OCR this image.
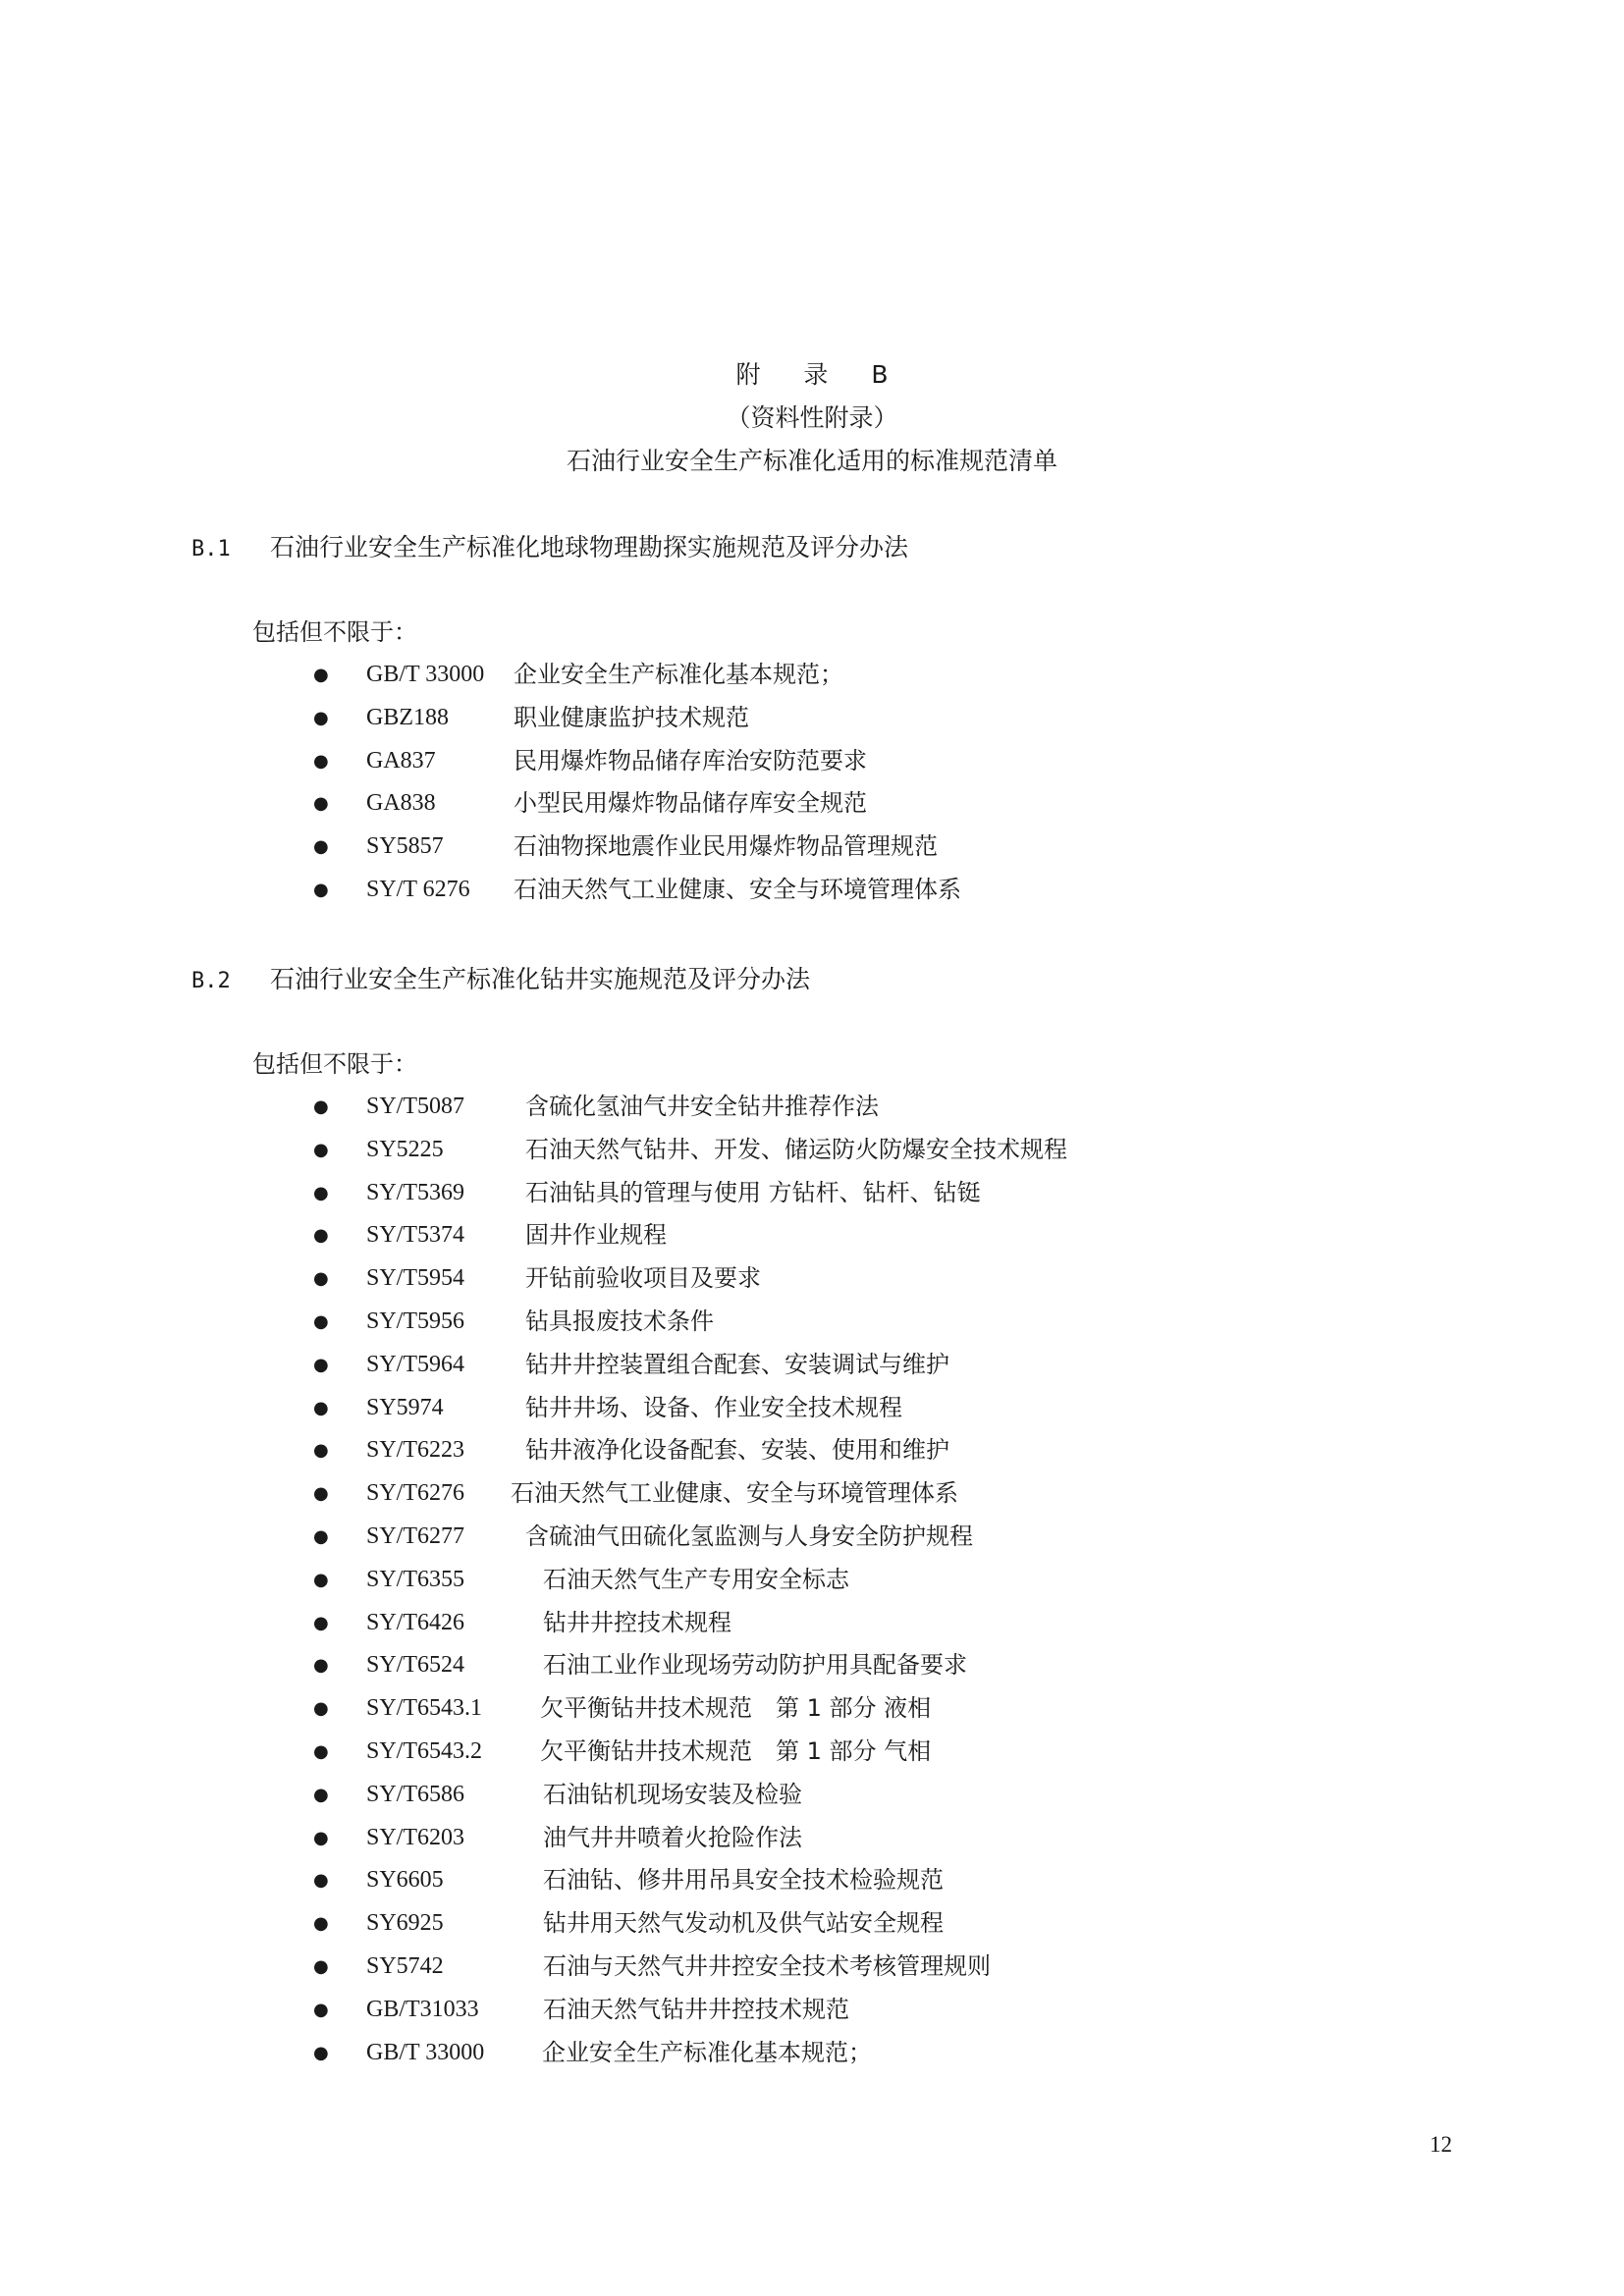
附 录 B
（资料性附录）
石油行业安全生产标准化适用的标准规范清单
B.1 石油行业安全生产标准化地球物理勘探实施规范及评分办法
包括但不限于：
● GB/T 33000 企业安全生产标准化基本规范；
● GBZ188	职业健康监护技术规范
● GA837	民用爆炸物品储存库治安防范要求
● GA838	小型民用爆炸物品储存库安全规范
● SY5857	石油物探地震作业民用爆炸物品管理规范
● SY/T 6276 石油天然气工业健康、安全与环境管理体系
B.2 石油行业安全生产标准化钻井实施规范及评分办法
包括但不限于：
● SY/T5087	含硫化氢油气井安全钻井推荐作法
● SY5225	石油天然气钻井、开发、储运防火防爆安全技术规程
● SY/T5369	石油钻具的管理与使用 方钻杆、钻杆、钻铤
● SY/T5374	固井作业规程
● SY/T5954	开钻前验收项目及要求
● SY/T5956	钻具报废技术条件
● SY/T5964	钻井井控装置组合配套、安装调试与维护
● SY5974	钻井井场、设备、作业安全技术规程
● SY/T6223	钻井液净化设备配套、安装、使用和维护
● SY/T6276 石油天然气工业健康、安全与环境管理体系
● SY/T6277	含硫油气田硫化氢监测与人身安全防护规程
● SY/T6355	石油天然气生产专用安全标志
● SY/T6426	钻井井控技术规程
● SY/T6524	石油工业作业现场劳动防护用具配备要求
● SY/T6543.1 欠平衡钻井技术规范　第 1 部分 液相
● SY/T6543.2 欠平衡钻井技术规范　第 1 部分 气相
● SY/T6586	石油钻机现场安装及检验
● SY/T6203	油气井井喷着火抢险作法
● SY6605	石油钻、修井用吊具安全技术检验规范
● SY6925	钻井用天然气发动机及供气站安全规程
● SY5742	石油与天然气井井控安全技术考核管理规则
● GB/T31033	石油天然气钻井井控技术规范
● GB/T 33000 企业安全生产标准化基本规范；
12
